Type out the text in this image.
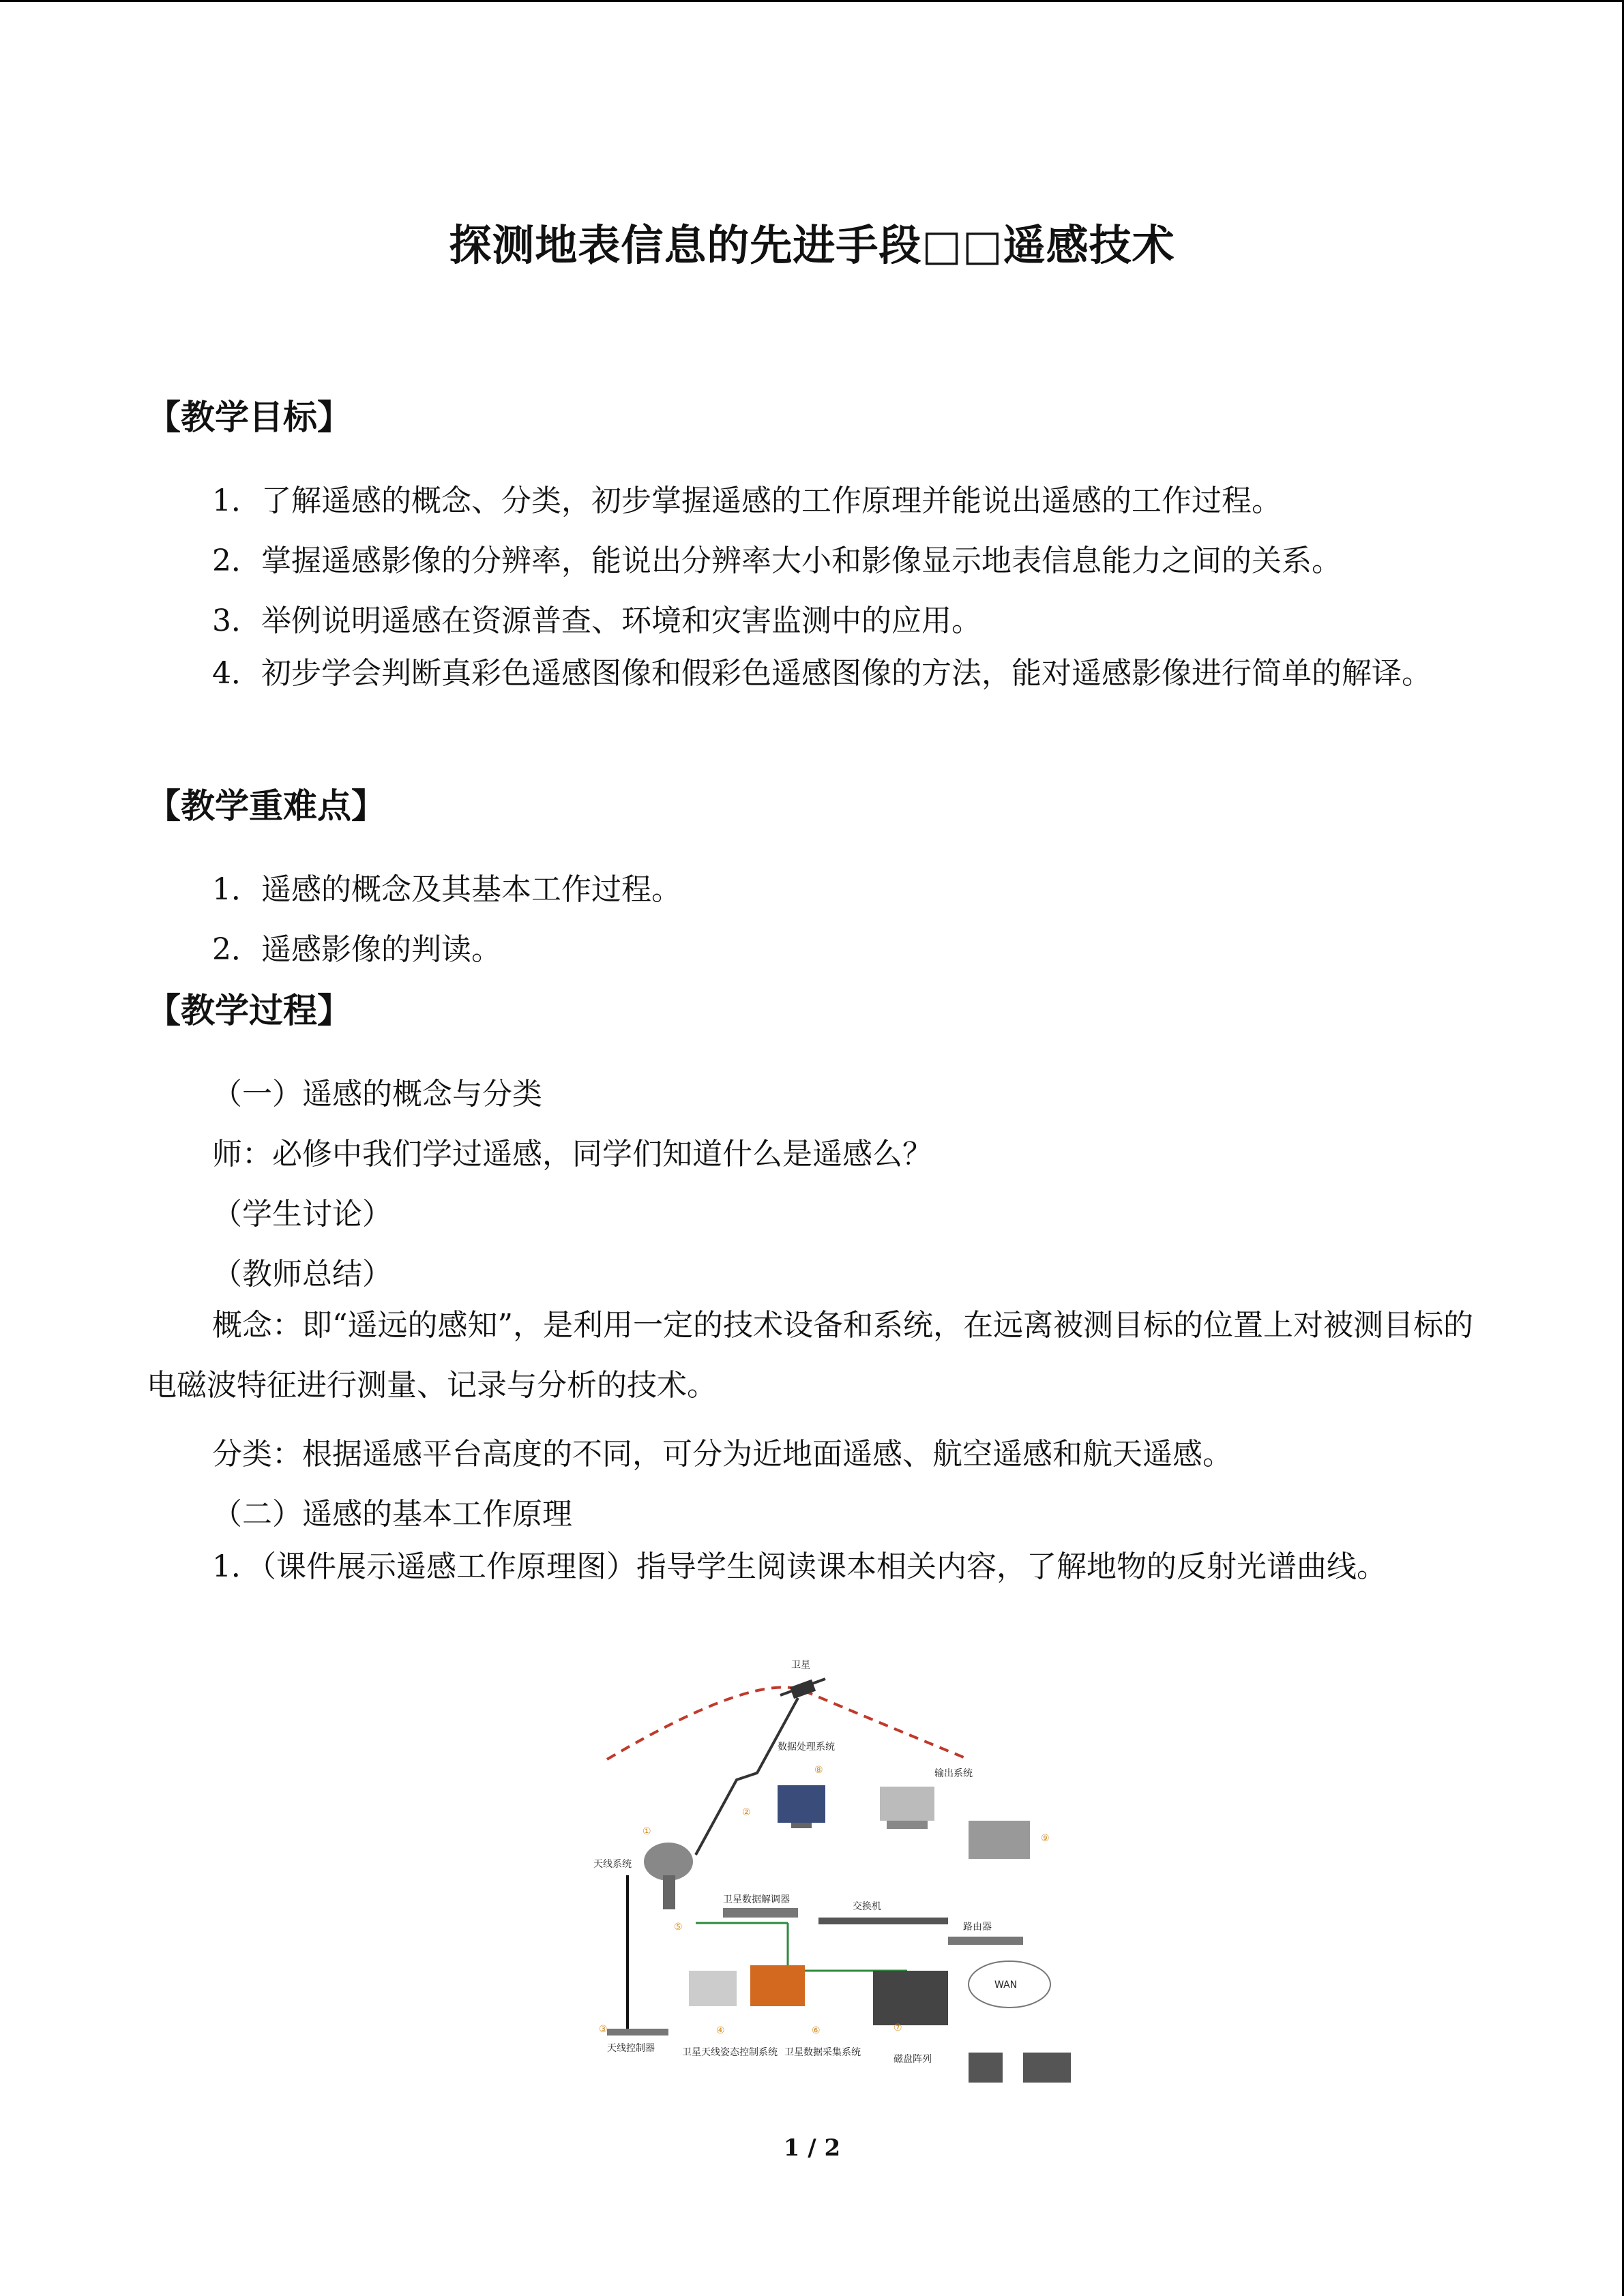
探测地表信息的先进手段□□遥感技术
【教学目标】
1．了解遥感的概念、分类，初步掌握遥感的工作原理并能说出遥感的工作过程。
2．掌握遥感影像的分辨率，能说出分辨率大小和影像显示地表信息能力之间的关系。
3．举例说明遥感在资源普查、环境和灾害监测中的应用。
4．初步学会判断真彩色遥感图像和假彩色遥感图像的方法，能对遥感影像进行简单的解译。
【教学重难点】
1．遥感的概念及其基本工作过程。
2．遥感影像的判读。
【教学过程】
（一）遥感的概念与分类
师：必修中我们学过遥感，同学们知道什么是遥感么？
（学生讨论）
（教师总结）
概念：即“遥远的感知”，是利用一定的技术设备和系统，在远离被测目标的位置上对被测目标的电磁波特征进行测量、记录与分析的技术。
分类：根据遥感平台高度的不同，可分为近地面遥感、航空遥感和航天遥感。
（二）遥感的基本工作原理
1．（课件展示遥感工作原理图）指导学生阅读课本相关内容，了解地物的反射光谱曲线。
卫星
天线系统
数据处理系统
输出系统
卫星数据解调器
交换机
路由器
WAN
天线控制器	卫星天线姿态控制系统 卫星数据采集系统
磁盘阵列
①
②
③	④
⑤
⑥	⑦
⑧
⑨
1 / 2
